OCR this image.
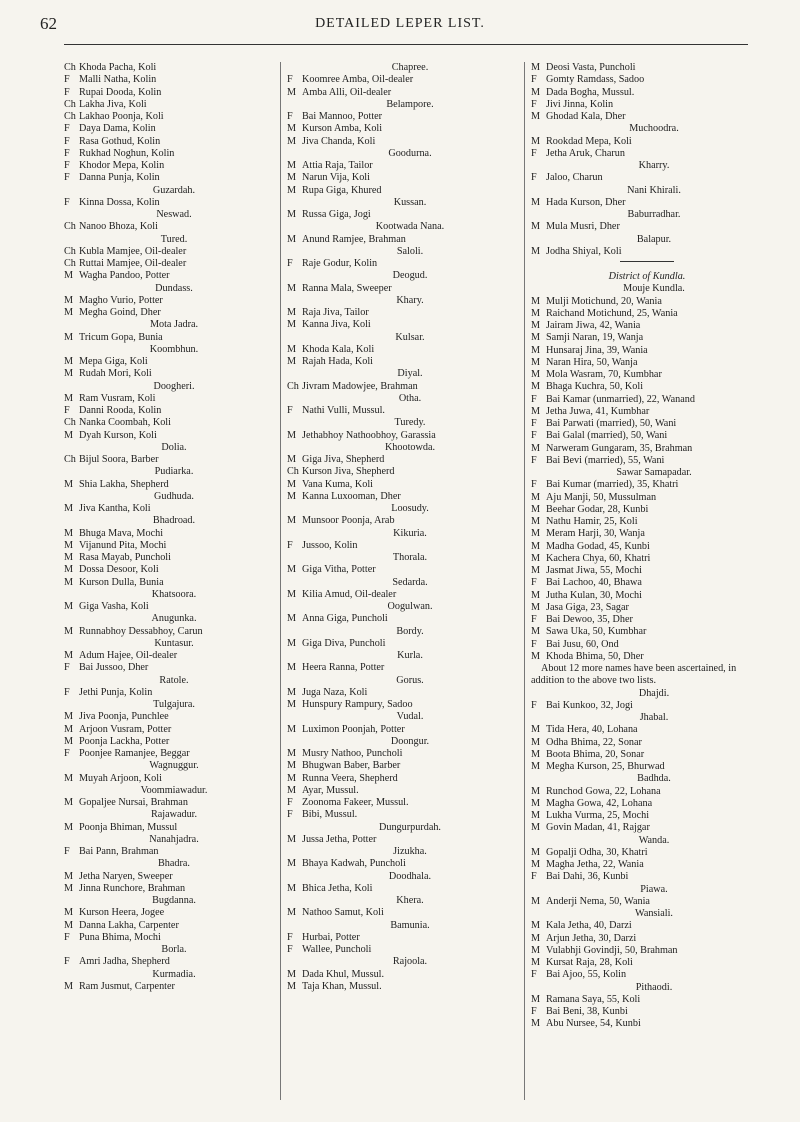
62	DETAILED LEPER LIST.
Ch Khoda Pacha, Koli
F Malli Natha, Kolin
F Rupai Dooda, Kolin
Ch Lakha Jiva, Koli
Ch Lakhao Poonja, Koli
F Daya Dama, Kolin
F Rasa Gothud, Kolin
F Rukhad Noghun, Kolin
F Khodor Mepa, Kolin
F Danna Punja, Kolin
Guzardah.
F Kinna Dossa, Kolin
Neswad.
Ch Nanoo Bhoza, Koli
Tured.
Ch Kubla Mamjee, Oil-dealer
Ch Ruttai Mamjee, Oil-dealer
M Wagha Pandoo, Potter
Dundass.
M Magho Vurio, Potter
M Megha Goind, Dher
Mota Jadra.
M Tricum Gopa, Bunia
Koombhun.
M Mepa Giga, Koli
M Rudah Mori, Koli
Doogheri.
M Ram Vusram, Koli
F Danni Rooda, Kolin
Ch Nanka Coombah, Koli
M Dyah Kurson, Koli
Dolia.
Ch Bijul Soora, Barber
Pudiarka.
M Shia Lakha, Shepherd
Gudhuda.
M Jiva Kantha, Koli
Bhadroad.
M Bhuga Mava, Mochi
M Vijanund Pita, Mochi
M Rasa Mayab, Puncholi
M Dossa Desoor, Koli
M Kurson Dulla, Bunia
Khatsoora.
M Giga Vasha, Koli
Anugunka.
M Runnabhoy Dessabhoy, Carun
Kuntasur.
M Adum Hajee, Oil-dealer
F Bai Jussoo, Dher
Ratole.
F Jethi Punja, Kolin
Tulgajura.
M Jiva Poonja, Punchlee
M Arjoon Vusram, Potter
M Poonja Lackha, Potter
F Poonjee Ramanjee, Beggar
Wagnuggur.
M Muyah Arjoon, Koli
Voommiawadur.
M Gopaljee Nursai, Brahman
Rajawadur.
M Poonja Bhiman, Mussul
Nanahjadra.
F Bai Pann, Brahman
Bhadra.
M Jetha Naryen, Sweeper
M Jinna Runchore, Brahman
Bugdanna.
M Kurson Heera, Jogee
M Danna Lakha, Carpenter
F Puna Bhima, Mochi
Borla.
F Amri Jadha, Shepherd
Kurmadia.
M Ram Jusmut, Carpenter
Chapree.
F Koomree Amba, Oil-dealer
M Amba Alli, Oil-dealer
Belampore.
F Bai Mannoo, Potter
M Kurson Amba, Koli
M Jiva Chanda, Koli
Goodurna.
M Attia Raja, Tailor
M Narun Vija, Koli
M Rupa Giga, Khured
Kussan.
M Russa Giga, Jogi
Kootwada Nana.
M Anund Ramjee, Brahman
Saloli.
F Raje Godur, Kolin
Deogud.
M Ranna Mala, Sweeper
Khary.
M Raja Jiva, Tailor
M Kanna Jiva, Koli
Kulsar.
M Khoda Kala, Koli
M Rajah Hada, Koli
Diyal.
Ch Jivram Madowjee, Brahman
Otha.
F Nathi Vulli, Mussul.
Turedy.
M Jethabhoy Nathoobhoy, Garassia
Khootowda.
M Giga Jiva, Shepherd
Ch Kurson Jiva, Shepherd
M Vana Kuma, Koli
M Kanna Luxooman, Dher
Loosudy.
M Munsoor Poonja, Arab
Kikuria.
F Jussoo, Kolin
Thorala.
M Giga Vitha, Potter
Sedarda.
M Kilia Amud, Oil-dealer
Oogulwan.
M Anna Giga, Puncholi
Bordy.
M Giga Diva, Puncholi
Kurla.
M Heera Ranna, Potter
Gorus.
M Juga Naza, Koli
M Hunspury Rampury, Sadoo
Vudal.
M Luximon Poonjah, Potter
Doongur.
M Musry Nathoo, Puncholi
M Bhugwan Baber, Barber
M Runna Veera, Shepherd
M Ayar, Mussul.
F Zoonoma Fakeer, Mussul.
F Bibi, Mussul.
Dungurpurdah.
M Jussa Jetha, Potter
Jizukha.
M Bhaya Kadwah, Puncholi
Doodhala.
M Bhica Jetha, Koli
Khera.
M Nathoo Samut, Koli
Bamunia.
F Hurbai, Potter
F Wallee, Puncholi
Rajoola.
M Dada Khul, Mussul.
M Taja Khan, Mussul.
M Deosi Vasta, Puncholi
F Gomty Ramdass, Sadoo
M Dada Bogha, Mussul.
F Jivi Jinna, Kolin
M Ghodad Kala, Dher
Muchoodra.
M Rookdad Mepa, Koli
F Jetha Aruk, Charun
Kharry.
F Jaloo, Charun
Nani Khirali.
M Hada Kurson, Dher
Baburradhar.
M Mula Musri, Dher
Balapur.
M Jodha Shiyal, Koli
District of Kundla.
Mouje Kundla.
M Mulji Motichund, 20, Wania
M Raichand Motichund, 25, Wania
M Jairam Jiwa, 42, Wania
M Samji Naran, 19, Wanja
M Hunsaraj Jina, 39, Wania
M Naran Hira, 50, Wanja
M Mola Wasram, 70, Kumbhar
M Bhaga Kuchra, 50, Koli
F Bai Kamar (unmarried), 22, Wanand
M Jetha Juwa, 41, Kumbhar
F Bai Parwati (married), 50, Wani
F Bai Galal (married), 50, Wani
M Narweram Gungaram, 35, Brahman
F Bai Bevi (married), 55, Wani
Sawar Samapadar.
F Bai Kumar (married), 35, Khatri
M Aju Manji, 50, Mussulman
M Beehar Godar, 28, Kunbi
M Nathu Hamir, 25, Koli
M Meram Harji, 30, Wanja
M Madha Godad, 45, Kunbi
M Kachera Chya, 60, Khatri
M Jasmat Jiwa, 55, Mochi
F Bai Lachoo, 40, Bhawa
M Jutha Kulan, 30, Mochi
M Jasa Giga, 23, Sagar
F Bai Dewoo, 35, Dher
M Sawa Uka, 50, Kumbhar
F Bai Jusu, 60, Ond
M Khoda Bhima, 50, Dher
About 12 more names have been ascertained, in addition to the above two lists.
Dhajdi.
F Bai Kunkoo, 32, Jogi
Jhabal.
M Tida Hera, 40, Lohana
M Odha Bhima, 22, Sonar
M Boota Bhima, 20, Sonar
M Megha Kurson, 25, Bhurwad
Badhda.
M Runchod Gowa, 22, Lohana
M Magha Gowa, 42, Lohana
M Lukha Vurma, 25, Mochi
M Govin Madan, 41, Rajgar
Wanda.
M Gopalji Odha, 30, Khatri
M Magha Jetha, 22, Wania
F Bai Dahi, 36, Kunbi
Piawa.
M Anderji Nema, 50, Wania
Wansiali.
M Kala Jetha, 40, Darzi
M Arjun Jetha, 30, Darzi
M Vulabhji Govindji, 50, Brahman
M Kursat Raja, 28, Koli
F Bai Ajoo, 55, Kolin
Pithaodi.
M Ramana Saya, 55, Koli
F Bai Beni, 38, Kunbi
M Abu Nursee, 54, Kunbi
